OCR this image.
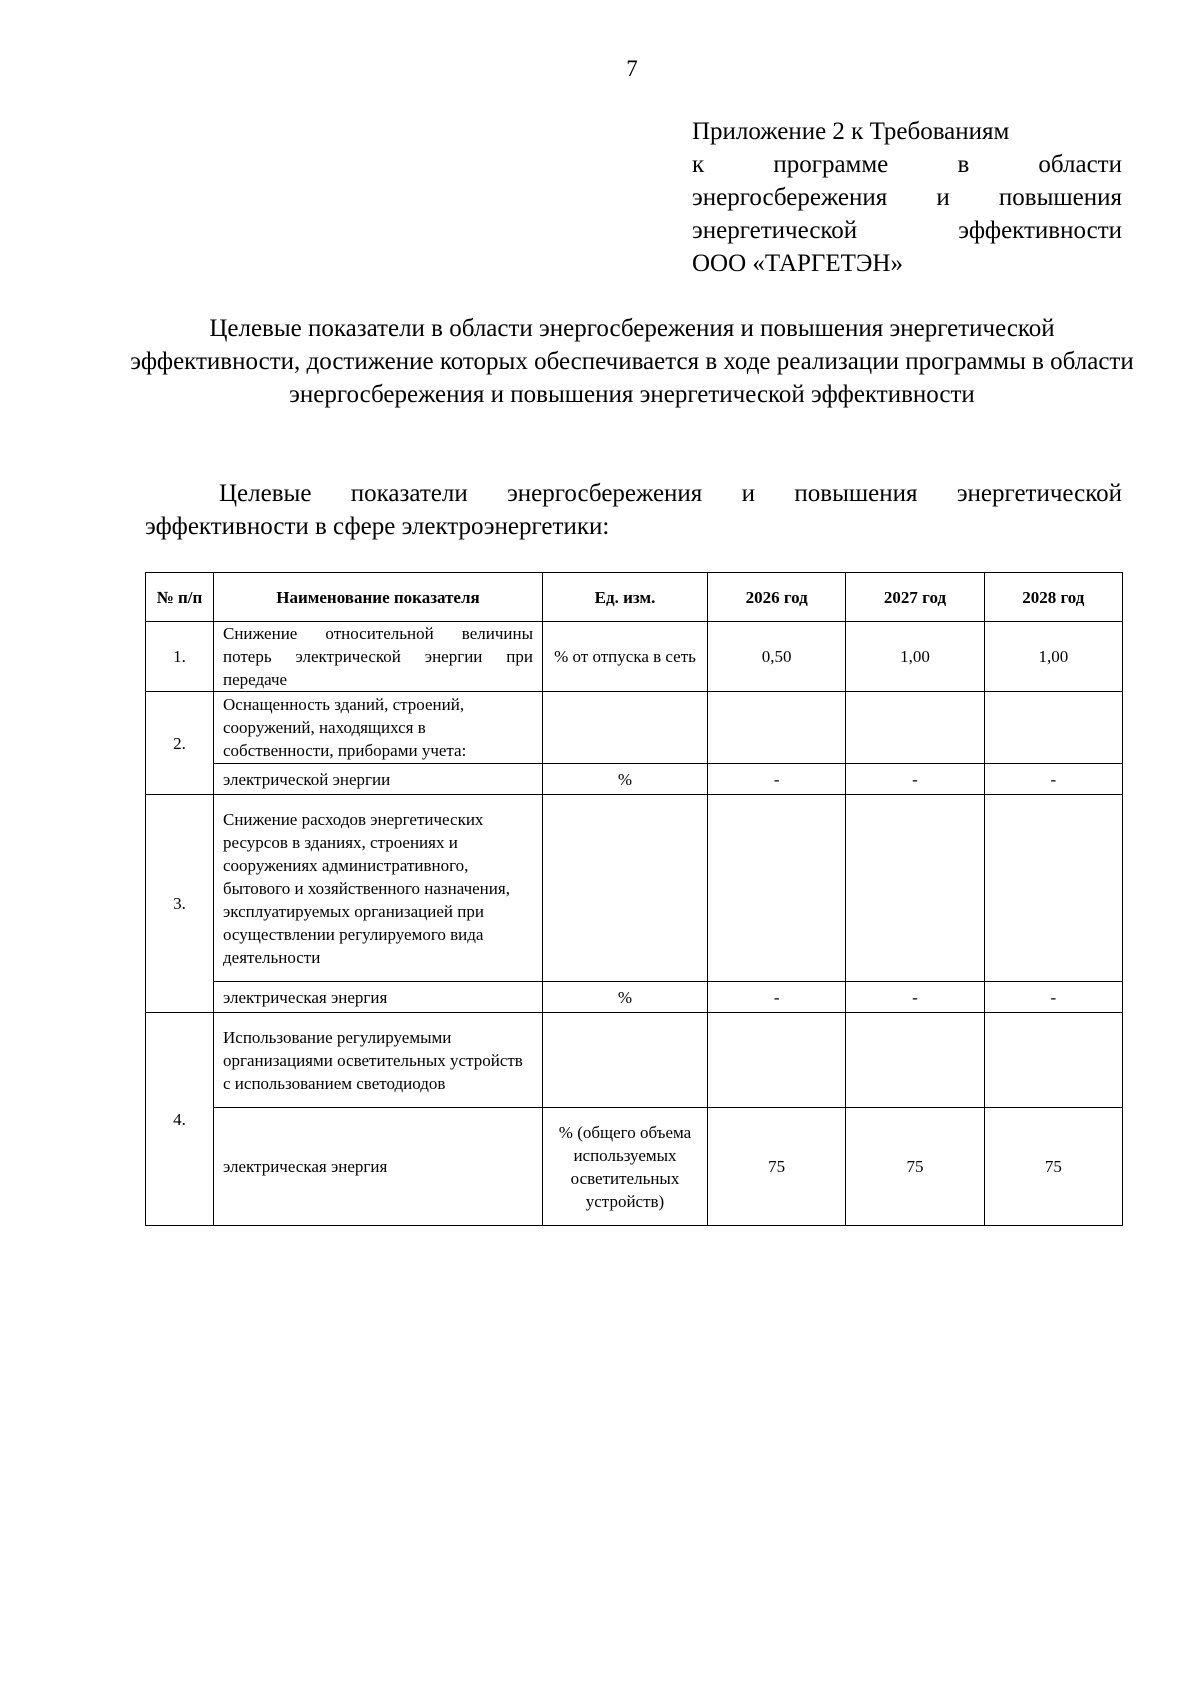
7
Приложение 2 к Требованиям
к программе в области
энергосбережения и повышения
энергетической эффективности
ООО «ТАРГЕТЭН»
Целевые показатели в области энергосбережения и повышения энергетической эффективности, достижение которых обеспечивается в ходе реализации программы в области энергосбережения и повышения энергетической эффективности
Целевые показатели энергосбережения и повышения энергетической эффективности в сфере электроэнергетики:
№ п/п	Наименование показателя	Ед. изм.	2026 год	2027 год	2028 год
1.	Снижение относительной величины потерь электрической энергии при передаче	% от отпуска в сеть	0,50	1,00	1,00
2.	Оснащенность зданий, строений, сооружений, находящихся в собственности, приборами учета:				
	электрической энергии	%	-	-	-
3.	Снижение расходов энергетических ресурсов в зданиях, строениях и сооружениях административного, бытового и хозяйственного назначения, эксплуатируемых организацией при осуществлении регулируемого вида деятельности				
	электрическая энергия	%	-	-	-
4.	Использование регулируемыми организациями осветительных устройств с использованием светодиодов				
	электрическая энергия	% (общего объема используемых осветительных устройств)	75	75	75
